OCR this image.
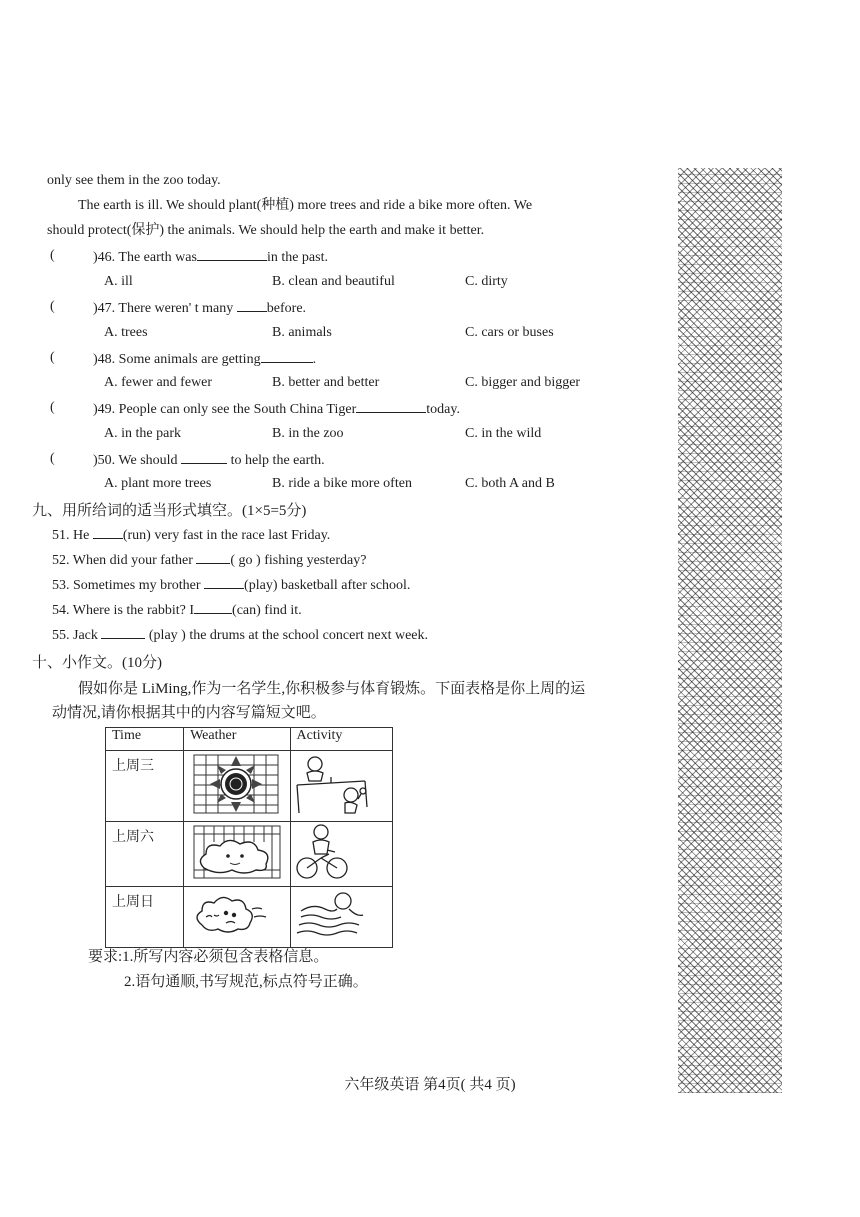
only see them in the zoo today.
The earth is ill. We should plant(种植) more trees and ride a bike more often. We
should protect(保护) the animals. We should help the earth and make it better.
(	)46. The earth was	in the past.
A. ill	B. clean and beautiful	C. dirty
(	)47. There weren' t many before.
A. trees	B. animals	C. cars or buses
(	)48. Some animals are getting	.
A. fewer and fewer	B. better and better	C. bigger and bigger
(	)49. People can only see the South China Tiger	today.
A. in the park	B. in the zoo	C. in the wild
(	)50. We should	to help the earth.
A. plant more trees	B. ride a bike more often	C. both A and B
九、用所给词的适当形式填空。(1×5=5分)
51. He (run) very fast in the race last Friday.
52. When did your father ( go ) fishing yesterday?
53. Sometimes my brother	(play) basketball after school.
54. Where is the rabbit? I	(can) find it.
55. Jack	(play ) the drums at the school concert next week.
十、小作文。(10分)
假如你是 LiMing,作为一名学生,你积极参与体育锻炼。下面表格是你上周的运
动情况,请你根据其中的内容写篇短文吧。
Time	Weather	Activity
上周三	

上周六	

上周日	

要求:1.所写内容必须包含表格信息。
2.语句通顺,书写规范,标点符号正确。
六年级英语 第4页( 共4 页)
